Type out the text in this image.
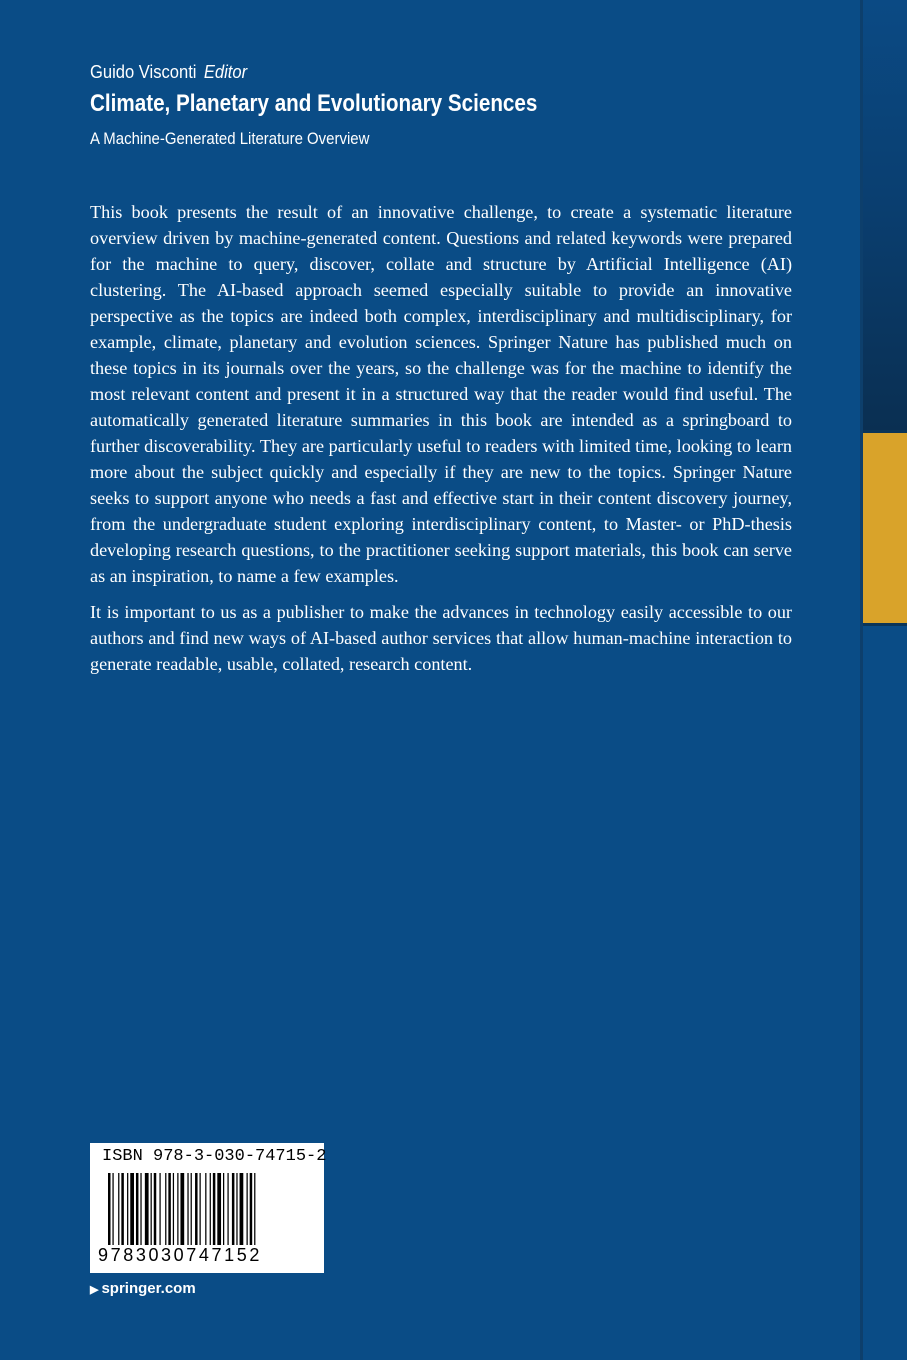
Guido Visconti Editor
Climate, Planetary and Evolutionary Sciences
A Machine-Generated Literature Overview

This book presents the result of an innovative challenge, to create a systematic literature overview driven by machine-generated content. Questions and related keywords were prepared for the machine to query, discover, collate and structure by Artificial Intelligence (AI) clustering. The AI-based approach seemed especially suitable to provide an innovative perspective as the topics are indeed both complex, interdisciplinary and multidisciplinary, for example, climate, planetary and evolution sciences. Springer Nature has published much on these topics in its journals over the years, so the challenge was for the machine to identify the most relevant content and present it in a structured way that the reader would find useful. The automatically generated literature summaries in this book are intended as a springboard to further discoverability. They are particularly useful to readers with limited time, looking to learn more about the subject quickly and especially if they are new to the topics. Springer Nature seeks to support anyone who needs a fast and effective start in their content discovery journey, from the undergraduate student exploring interdisciplinary content, to Master- or PhD-thesis developing research questions, to the practitioner seeking support materials, this book can serve as an inspiration, to name a few examples.

It is important to us as a publisher to make the advances in technology easily accessible to our authors and find new ways of AI-based author services that allow human-machine interaction to generate readable, usable, collated, research content.

ISBN 978-3-030-74715-2
9783030747152
▶ springer.com
